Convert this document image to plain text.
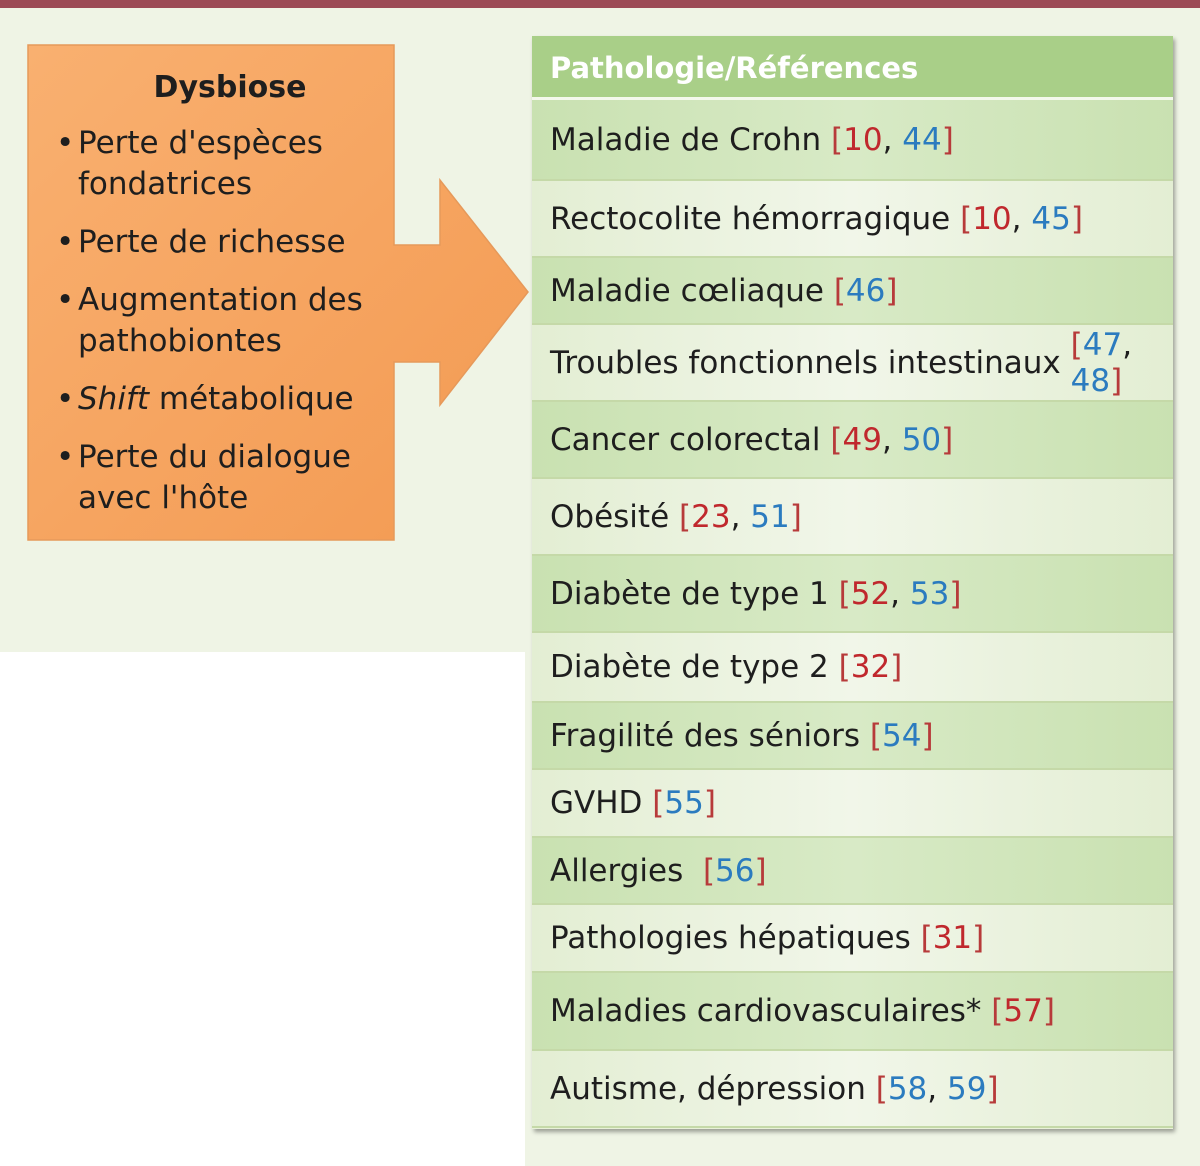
Dysbiose
• Perte d'espèces
fondatrices
• Perte de richesse
• Augmentation des
pathobiontes
• Shift métabolique
• Perte du dialogue
avec l'hôte
Pathologie/Références
Maladie de Crohn [10, 44]
Rectocolite hémorragique [10, 45]
Maladie cœliaque [46]
Troubles fonctionnels intestinaux [47, 48]
Cancer colorectal [49, 50]
Obésité [23, 51]
Diabète de type 1 [52, 53]
Diabète de type 2 [32]
Fragilité des séniors [54]
GVHD [55]
Allergies [56]
Pathologies hépatiques [31]
Maladies cardiovasculaires* [57]
Autisme, dépression [58, 59]
